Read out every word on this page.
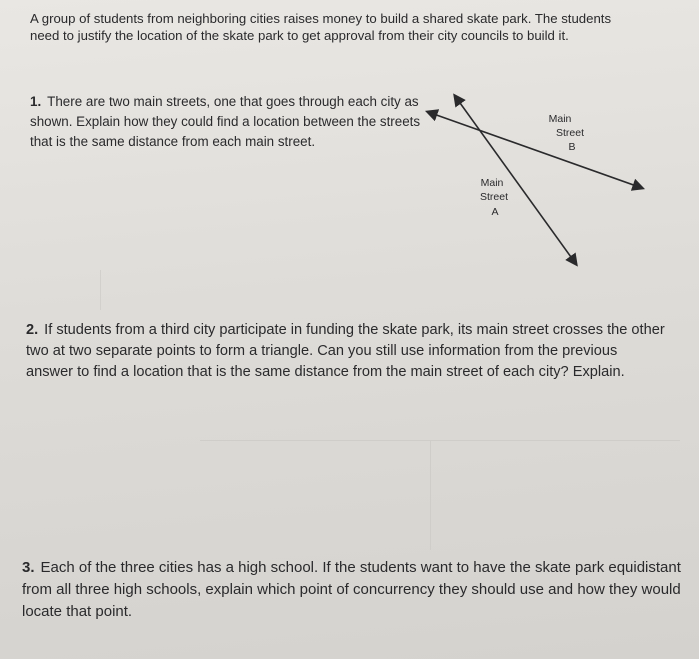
A group of students from neighboring cities raises money to build a shared skate park. The students need to justify the location of the skate park to get approval from their city councils to build it.
1. There are two main streets, one that goes through each city as shown. Explain how they could find a location between the streets that is the same distance from each main street.
Main
Street
B
Main
Street
A
2. If students from a third city participate in funding the skate park, its main street crosses the other two at two separate points to form a triangle. Can you still use information from the previous answer to find a location that is the same distance from the main street of each city? Explain.
3. Each of the three cities has a high school. If the students want to have the skate park equidistant from all three high schools, explain which point of concurrency they should use and how they would locate that point.
